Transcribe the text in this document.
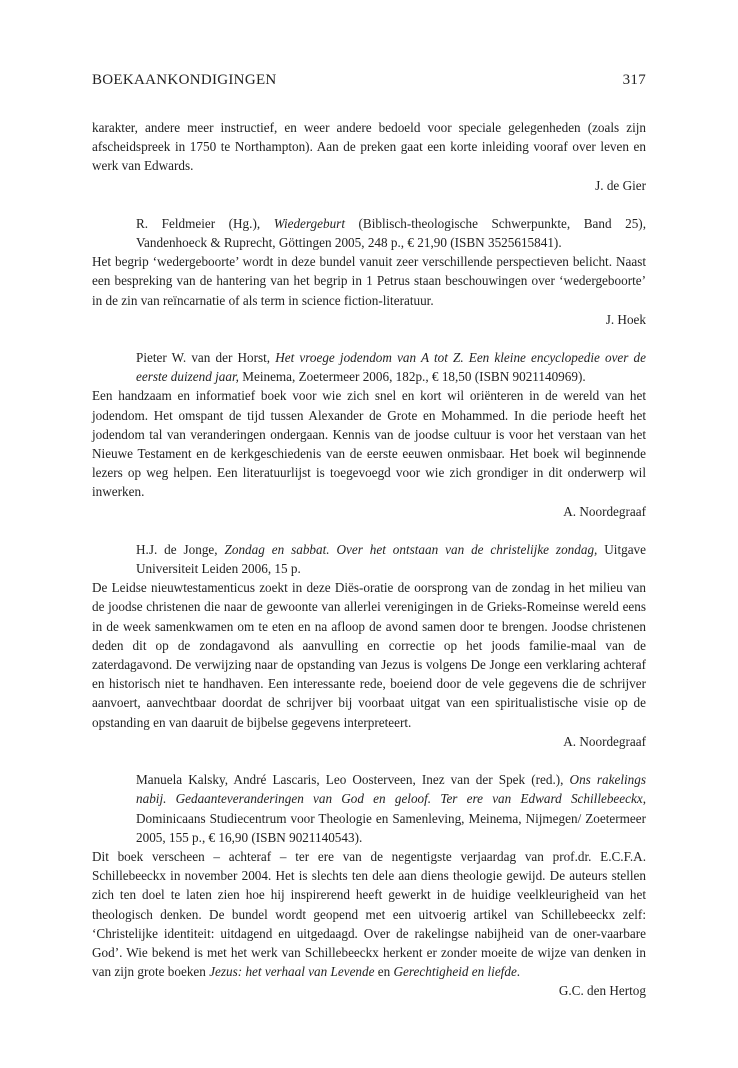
BOEKAANKONDIGINGEN	317

karakter, andere meer instructief, en weer andere bedoeld voor speciale gelegenheden (zoals zijn afscheidspreek in 1750 te Northampton). Aan de preken gaat een korte inleiding vooraf over leven en werk van Edwards.

J. de Gier

R. Feldmeier (Hg.), Wiedergeburt (Biblisch-theologische Schwerpunkte, Band 25), Vandenhoeck & Ruprecht, Göttingen 2005, 248 p., € 21,90 (ISBN 3525615841).

Het begrip ‘wedergeboorte’ wordt in deze bundel vanuit zeer verschillende perspectieven belicht. Naast een bespreking van de hantering van het begrip in 1 Petrus staan beschouwingen over ‘wedergeboorte’ in de zin van reïncarnatie of als term in science fiction-literatuur.

J. Hoek

Pieter W. van der Horst, Het vroege jodendom van A tot Z. Een kleine encyclopedie over de eerste duizend jaar, Meinema, Zoetermeer 2006, 182p., € 18,50 (ISBN 9021140969).

Een handzaam en informatief boek voor wie zich snel en kort wil oriënteren in de wereld van het jodendom. Het omspant de tijd tussen Alexander de Grote en Mohammed. In die periode heeft het jodendom tal van veranderingen ondergaan. Kennis van de joodse cultuur is voor het verstaan van het Nieuwe Testament en de kerkgeschiedenis van de eerste eeuwen onmisbaar. Het boek wil beginnende lezers op weg helpen. Een literatuurlijst is toegevoegd voor wie zich grondiger in dit onderwerp wil inwerken.

A. Noordegraaf

H.J. de Jonge, Zondag en sabbat. Over het ontstaan van de christelijke zondag, Uitgave Universiteit Leiden 2006, 15 p.

De Leidse nieuwtestamenticus zoekt in deze Diës-oratie de oorsprong van de zondag in het milieu van de joodse christenen die naar de gewoonte van allerlei verenigingen in de Grieks-Romeinse wereld eens in de week samenkwamen om te eten en na afloop de avond samen door te brengen. Joodse christenen deden dit op de zondagavond als aanvulling en correctie op het joods familie-maal van de zaterdagavond. De verwijzing naar de opstanding van Jezus is volgens De Jonge een verklaring achteraf en historisch niet te handhaven. Een interessante rede, boeiend door de vele gegevens die de schrijver aanvoert, aanvechtbaar doordat de schrijver bij voorbaat uitgat van een spiritualistische visie op de opstanding en van daaruit de bijbelse gegevens interpreteert.

A. Noordegraaf

Manuela Kalsky, André Lascaris, Leo Oosterveen, Inez van der Spek (red.), Ons rakelings nabij. Gedaanteveranderingen van God en geloof. Ter ere van Edward Schillebeeckx, Dominicaans Studiecentrum voor Theologie en Samenleving, Meinema, Nijmegen/ Zoetermeer 2005, 155 p., € 16,90 (ISBN 9021140543).

Dit boek verscheen – achteraf – ter ere van de negentigste verjaardag van prof.dr. E.C.F.A. Schillebeeckx in november 2004. Het is slechts ten dele aan diens theologie gewijd. De auteurs stellen zich ten doel te laten zien hoe hij inspirerend heeft gewerkt in de huidige veelkleurigheid van het theologisch denken. De bundel wordt geopend met een uitvoerig artikel van Schillebeeckx zelf: ‘Christelijke identiteit: uitdagend en uitgedaagd. Over de rakelingse nabijheid van de oner-vaarbare God’. Wie bekend is met het werk van Schillebeeckx herkent er zonder moeite de wijze van denken in van zijn grote boeken Jezus: het verhaal van Levende en Gerechtigheid en liefde.

G.C. den Hertog
